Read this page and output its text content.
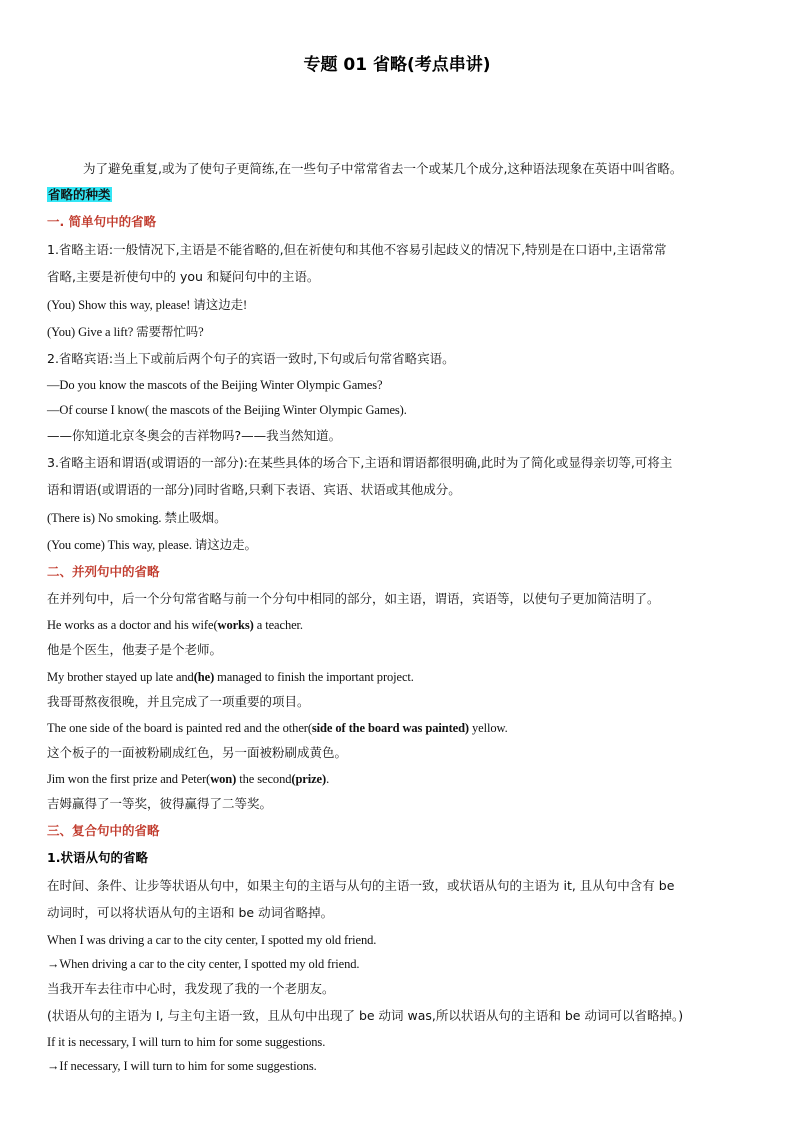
专题 01 省略(考点串讲)
为了避免重复,或为了使句子更简练,在一些句子中常常省去一个或某几个成分,这种语法现象在英语中叫省略。
省略的种类
一. 简单句中的省略
1.省略主语:一般情况下,主语是不能省略的,但在祈使句和其他不容易引起歧义的情况下,特别是在口语中,主语常常
省略,主要是祈使句中的 you 和疑问句中的主语。
(You) Show this way, please! 请这边走!
(You) Give a lift? 需要帮忙吗?
2.省略宾语:当上下或前后两个句子的宾语一致时,下句或后句常省略宾语。
—Do you know the mascots of the Beijing Winter Olympic Games?
—Of course I know( the mascots of the Beijing Winter Olympic Games).
——你知道北京冬奥会的吉祥物吗?——我当然知道。
3.省略主语和谓语(或谓语的一部分):在某些具体的场合下,主语和谓语都很明确,此时为了简化或显得亲切等,可将主
语和谓语(或谓语的一部分)同时省略,只剩下表语、宾语、状语或其他成分。
(There is) No smoking. 禁止吸烟。
(You come) This way, please. 请这边走。
二、并列句中的省略
在并列句中，后一个分句常省略与前一个分句中相同的部分，如主语，谓语，宾语等，以使句子更加简洁明了。
He works as a doctor and his wife(works) a teacher.
他是个医生，他妻子是个老师。
My brother stayed up late and(he) managed to finish the important project.
我哥哥熬夜很晚，并且完成了一项重要的项目。
The one side of the board is painted red and the other(side of the board was painted) yellow.
这个板子的一面被粉刷成红色，另一面被粉刷成黄色。
Jim won the first prize and Peter(won) the second(prize).
吉姆赢得了一等奖，彼得赢得了二等奖。
三、复合句中的省略
1.状语从句的省略
在时间、条件、让步等状语从句中，如果主句的主语与从句的主语一致，或状语从句的主语为 it, 且从句中含有 be
动词时，可以将状语从句的主语和 be 动词省略掉。
When I was driving a car to the city center, I spotted my old friend.
→When driving a car to the city center, I spotted my old friend.
当我开车去往市中心时，我发现了我的一个老朋友。
(状语从句的主语为 I, 与主句主语一致，且从句中出现了 be 动词 was,所以状语从句的主语和 be 动词可以省略掉。)
If it is necessary, I will turn to him for some suggestions.
→If necessary, I will turn to him for some suggestions.
